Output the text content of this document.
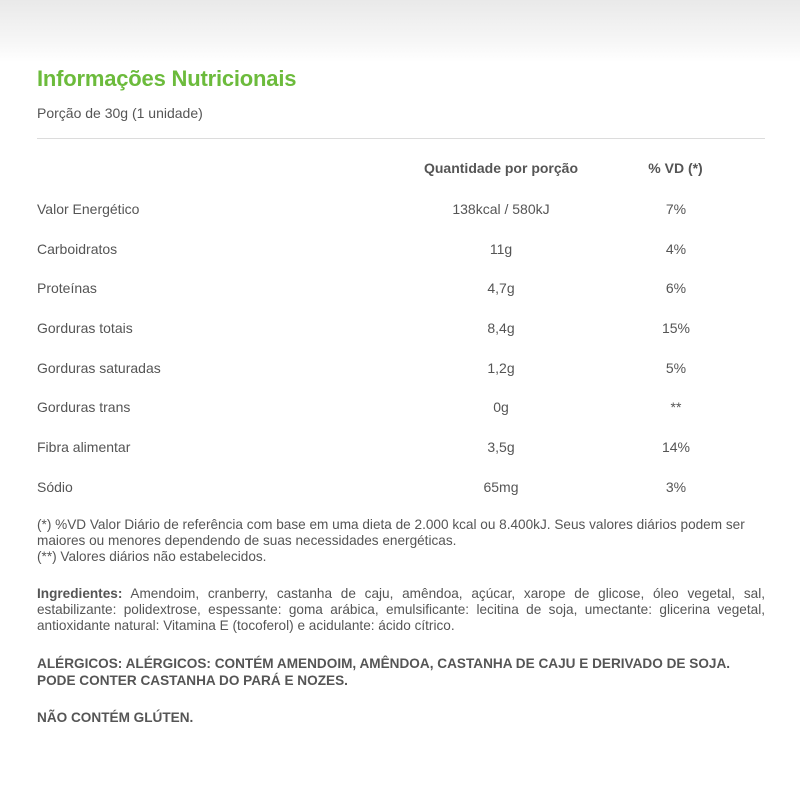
Informações Nutricionais
Porção de 30g (1 unidade)
	Quantidade por porção	% VD (*)
Valor Energético	138kcal / 580kJ	7%
Carboidratos	11g	4%
Proteínas	4,7g	6%
Gorduras totais	8,4g	15%
Gorduras saturadas	1,2g	5%
Gorduras trans	0g	**
Fibra alimentar	3,5g	14%
Sódio	65mg	3%
(*) %VD Valor Diário de referência com base em uma dieta de 2.000 kcal ou 8.400kJ. Seus valores diários podem ser maiores ou menores dependendo de suas necessidades energéticas.
(**) Valores diários não estabelecidos.
Ingredientes: Amendoim, cranberry, castanha de caju, amêndoa, açúcar, xarope de glicose, óleo vegetal, sal, estabilizante: polidextrose, espessante: goma arábica, emulsificante: lecitina de soja, umectante: glicerina vegetal, antioxidante natural: Vitamina E (tocoferol) e acidulante: ácido cítrico.
ALÉRGICOS: ALÉRGICOS: CONTÉM AMENDOIM, AMÊNDOA, CASTANHA DE CAJU E DERIVADO DE SOJA. PODE CONTER CASTANHA DO PARÁ E NOZES.
NÃO CONTÉM GLÚTEN.
